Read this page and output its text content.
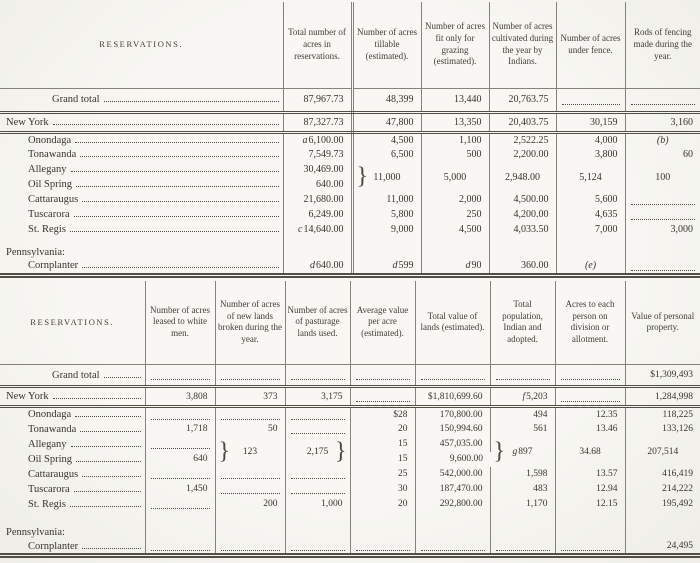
RESERVATIONS.	Total number of acres in reservations.	Number of acres tillable (estimated).	Number of acres fit only for grazing (estimated).	Number of acres cultivated during the year by Indians.	Number of acres under fence.	Rods of fencing made during the year.

Grand total	87,967.73	48,399	13,440	20,763.75		

New York	87,327.73	47,800	13,350	20,403.75	30,159	3,160

Onondaga	a6,100.00	4,500	1,100	2,522.25	4,000	(b)

Tonawanda	7,549.73	6,500	500	2,200.00	3,800	60

Allegany	30,469.00	} 11,000	5,000	2,948.00	5,124	100

Oil Spring	640.00					

Cattaraugus	21,680.00	11,000	2,000	4,500.00	5,600	

Tuscarora	6,249.00	5,800	250	4,200.00	4,635	

St. Regis	c14,640.00	9,000	4,500	4,033.50	7,000	3,000

Pennsylvania:						

Cornplanter	d640.00	d599	d90	360.00	(e)	

RESERVATIONS.	Number of acres leased to white men.	Number of acres of new lands broken during the year.	Number of acres of pasturage lands used.	Average value per acre (estimated).	Total value of lands (estimated).	Total population, Indian and adopted.	Acres to each person on division or allotment.	Value of personal property.

Grand total								$1,309,493

New York	3,808	373	3,175		$1,810,699.60	f5,203		1,284,998

Onondaga				$28	170,800.00	494	12.35	118,225

Tonawanda	1,718	50		20	150,994.60	561	13.46	133,126

Allegany		} 123	2,175 }	15	457,035.00	} g897	34.68	207,514

Oil Spring	640			15	9,600.00			

Cattaraugus				25	542,000.00	1,598	13.57	416,419

Tuscarora	1,450			30	187,470.00	483	12.94	214,222

St. Regis		200	1,000	20	292,800.00	1,170	12.15	195,492

Pennsylvania:								

Cornplanter								24,495
